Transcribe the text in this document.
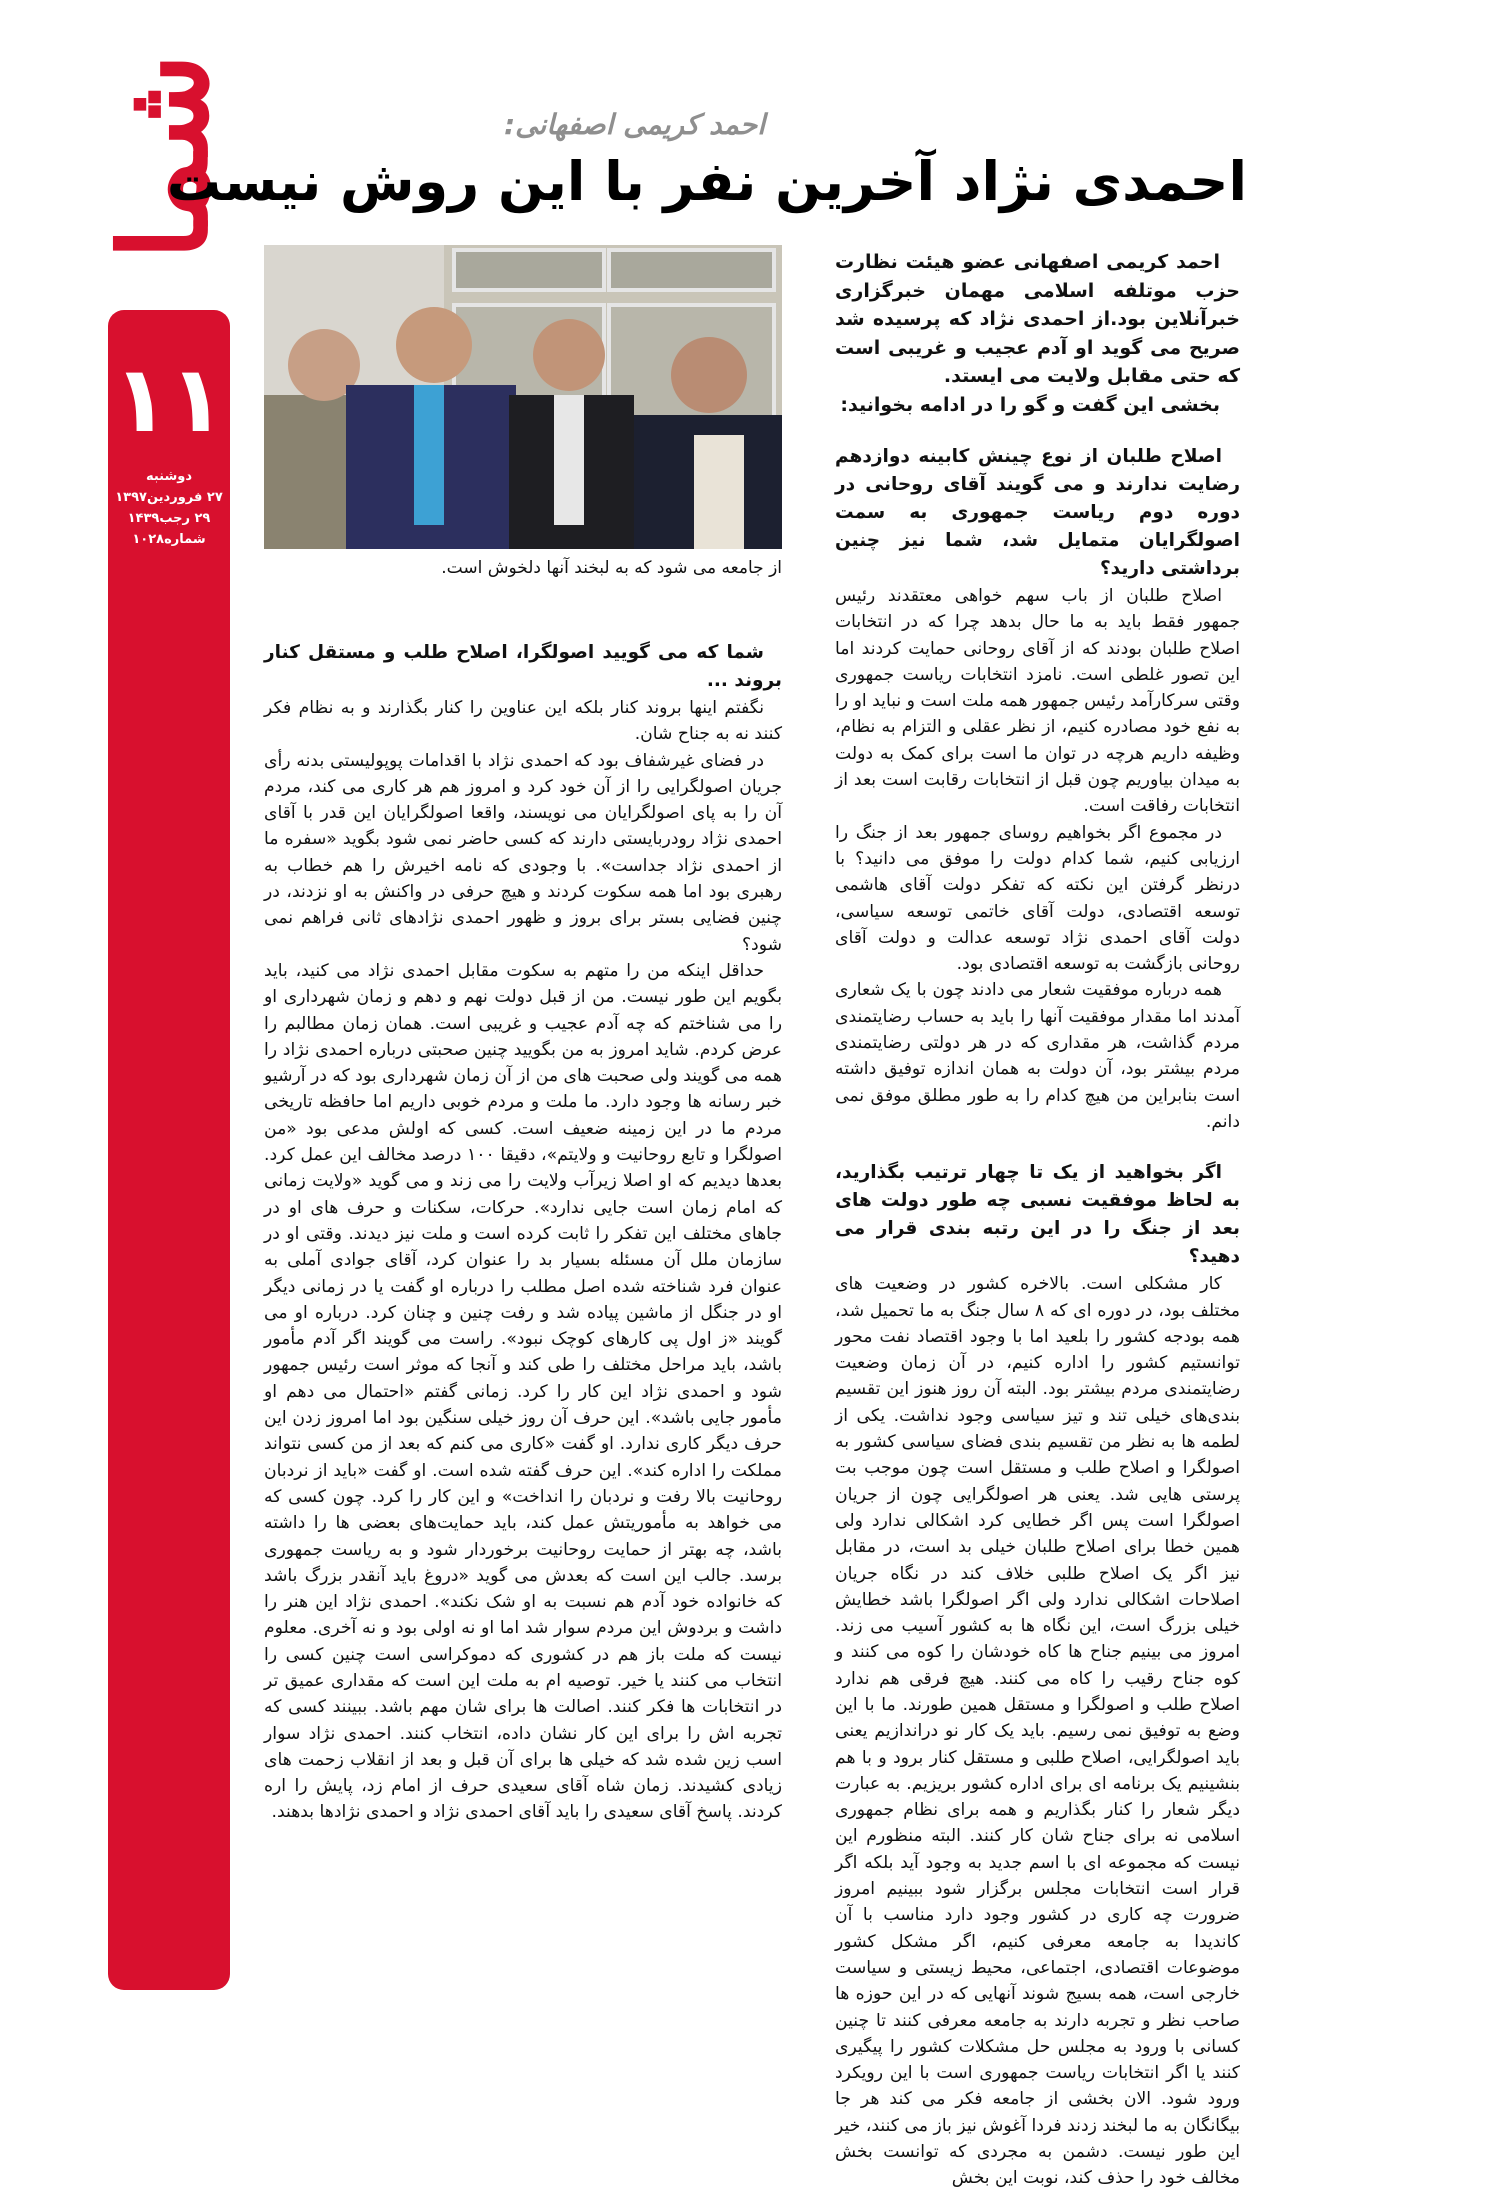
شما
١١
دوشنبه
٢٧ فروردین١٣٩٧
٢٩ رجب١۴٣٩
شماره١٠٢٨
احمد کریمی اصفهانی:
احمدی نژاد آخرین نفر با این روش نیست
از جامعه می شود که به لبخند آنها دلخوش است.

احمد کریمی اصفهانی عضو هیئت نظارت حزب موتلفه اسلامی مهمان خبرگزاری خبرآنلاین بود.از احمدی نژاد که پرسیده شد صریح می گوید او آدم عجیب و غریبی است که حتی مقابل ولایت می ایستد.

بخشی این گفت و گو را در ادامه بخوانید:

اصلاح طلبان از نوع چینش کابینه دوازدهم رضایت ندارند و می گویند آقای روحانی در دوره دوم ریاست جمهوری به سمت اصولگرایان متمایل شد، شما نیز چنین برداشتی دارید؟

اصلاح طلبان از باب سهم خواهی معتقدند رئیس جمهور فقط باید به ما حال بدهد چرا که در انتخابات اصلاح طلبان بودند که از آقای روحانی حمایت کردند اما این تصور غلطی است. نامزد انتخابات ریاست جمهوری وقتی سرکارآمد رئیس جمهور همه ملت است و نباید او را به نفع خود مصادره کنیم، از نظر عقلی و التزام به نظام، وظیفه داریم هرچه در توان ما است برای کمک به دولت به میدان بیاوریم چون قبل از انتخابات رقابت است بعد از انتخابات رفاقت است.

در مجموع اگر بخواهیم روسای جمهور بعد از جنگ را ارزیابی کنیم، شما کدام دولت را موفق می دانید؟ با درنظر گرفتن این نکته که تفکر دولت آقای هاشمی توسعه اقتصادی، دولت آقای خاتمی توسعه سیاسی، دولت آقای احمدی نژاد توسعه عدالت و دولت آقای روحانی بازگشت به توسعه اقتصادی بود.

همه درباره موفقیت شعار می دادند چون با یک شعاری آمدند اما مقدار موفقیت آنها را باید به حساب رضایتمندی مردم گذاشت، هر مقداری که در هر دولتی رضایتمندی مردم بیشتر بود، آن دولت به همان اندازه توفیق داشته است بنابراین من هیچ کدام را به طور مطلق موفق نمی دانم.

اگر بخواهید از یک تا چهار ترتیب بگذارید، به لحاظ موفقیت نسبی چه طور دولت های بعد از جنگ را در این رتبه بندی قرار می دهید؟

کار مشکلی است. بالاخره کشور در وضعیت های مختلف بود، در دوره ای که ٨ سال جنگ به ما تحمیل شد، همه بودجه کشور را بلعید اما با وجود اقتصاد نفت محور توانستیم کشور را اداره کنیم، در آن زمان وضعیت رضایتمندی مردم بیشتر بود. البته آن روز هنوز این تقسیم بندی‌های خیلی تند و تیز سیاسی وجود نداشت. یکی از لطمه ها به نظر من تقسیم بندی فضای سیاسی کشور به اصولگرا و اصلاح طلب و مستقل است چون موجب بت پرستی هایی شد. یعنی هر اصولگرایی چون از جریان اصولگرا است پس اگر خطایی کرد اشکالی ندارد ولی همین خطا برای اصلاح طلبان خیلی بد است، در مقابل نیز اگر یک اصلاح طلبی خلاف کند در نگاه جریان اصلاحات اشکالی ندارد ولی اگر اصولگرا باشد خطایش خیلی بزرگ است، این نگاه ها به کشور آسیب می زند. امروز می بینیم جناح ها کاه خودشان را کوه می کنند و کوه جناح رقیب را کاه می کنند. هیچ فرقی هم ندارد اصلاح طلب و اصولگرا و مستقل همین طورند. ما با این وضع به توفیق نمی رسیم. باید یک کار نو دراندازیم یعنی باید اصولگرایی، اصلاح طلبی و مستقل کنار برود و با هم بنشینیم یک برنامه ای برای اداره کشور بریزیم. به عبارت دیگر شعار را کنار بگذاریم و همه برای نظام جمهوری اسلامی نه برای جناح شان کار کنند. البته منظورم این نیست که مجموعه ای با اسم جدید به وجود آید بلکه اگر قرار است انتخابات مجلس برگزار شود ببینیم امروز ضرورت چه کاری در کشور وجود دارد مناسب با آن کاندیدا به جامعه معرفی کنیم، اگر مشکل کشور موضوعات اقتصادی، اجتماعی، محیط زیستی و سیاست خارجی است، همه بسیج شوند آنهایی که در این حوزه ها صاحب نظر و تجربه دارند به جامعه معرفی کنند تا چنین کسانی با ورود به مجلس حل مشکلات کشور را پیگیری کنند یا اگر انتخابات ریاست جمهوری است با این رویکرد ورود شود. الان بخشی از جامعه فکر می کند هر جا بیگانگان به ما لبخند زدند فردا آغوش نیز باز می کنند، خیر این طور نیست. دشمن به مجردی که توانست بخش مخالف خود را حذف کند، نوبت این بخش

شما که می گویید اصولگرا، اصلاح طلب و مستقل کنار بروند ...

نگفتم اینها بروند کنار بلکه این عناوین را کنار بگذارند و به نظام فکر کنند نه به جناح شان.

در فضای غیرشفاف بود که احمدی نژاد با اقدامات پوپولیستی بدنه رأی جریان اصولگرایی را از آن خود کرد و امروز هم هر کاری می کند، مردم آن را به پای اصولگرایان می نویسند، واقعا اصولگرایان این قدر با آقای احمدی نژاد رودربایستی دارند که کسی حاضر نمی شود بگوید «سفره ما از احمدی نژاد جداست». با وجودی که نامه اخیرش را هم خطاب به رهبری بود اما همه سکوت کردند و هیچ حرفی در واکنش به او نزدند، در چنین فضایی بستر برای بروز و ظهور احمدی نژادهای ثانی فراهم نمی شود؟

حداقل اینکه من را متهم به سکوت مقابل احمدی نژاد می کنید، باید بگویم این طور نیست. من از قبل دولت نهم و دهم و زمان شهرداری او را می شناختم که چه آدم عجیب و غریبی است. همان زمان مطالبم را عرض کردم. شاید امروز به من بگویید چنین صحبتی درباره احمدی نژاد را همه می گویند ولی صحبت های من از آن زمان شهرداری بود که در آرشیو خبر رسانه ها وجود دارد. ما ملت و مردم خوبی داریم اما حافظه تاریخی مردم ما در این زمینه ضعیف است. کسی که اولش مدعی بود «من اصولگرا و تابع روحانیت و ولایتم»، دقیقا ١٠٠ درصد مخالف این عمل کرد. بعدها دیدیم که او اصلا زیرآب ولایت را می زند و می گوید «ولایت زمانی که امام زمان است جایی ندارد». حرکات، سکنات و حرف های او در جاهای مختلف این تفکر را ثابت کرده است و ملت نیز دیدند. وقتی او در سازمان ملل آن مسئله بسیار بد را عنوان کرد، آقای جوادی آملی به عنوان فرد شناخته شده اصل مطلب را درباره او گفت یا در زمانی دیگر او در جنگل از ماشین پیاده شد و رفت چنین و چنان کرد. درباره او می گویند «ز اول پی کارهای کوچک نبود». راست می گویند اگر آدم مأمور باشد، باید مراحل مختلف را طی کند و آنجا که موثر است رئیس جمهور شود و احمدی نژاد این کار را کرد. زمانی گفتم «احتمال می دهم او مأمور جایی باشد». این حرف آن روز خیلی سنگین بود اما امروز زدن این حرف دیگر کاری ندارد. او گفت «کاری می کنم که بعد از من کسی نتواند مملکت را اداره کند». این حرف گفته شده است. او گفت «باید از نردبان روحانیت بالا رفت و نردبان را انداخت» و این کار را کرد. چون کسی که می خواهد به مأموریتش عمل کند، باید حمایت‌های بعضی ها را داشته باشد، چه بهتر از حمایت روحانیت برخوردار شود و به ریاست جمهوری برسد. جالب این است که بعدش می گوید «دروغ باید آنقدر بزرگ باشد که خانواده خود آدم هم نسبت به او شک نکند». احمدی نژاد این هنر را داشت و بردوش این مردم سوار شد اما او نه اولی بود و نه آخری. معلوم نیست که ملت باز هم در کشوری که دموکراسی است چنین کسی را انتخاب می کنند یا خیر. توصیه ام به ملت این است که مقداری عمیق تر در انتخابات ها فکر کنند. اصالت ها برای شان مهم باشد. ببینند کسی که تجربه اش را برای این کار نشان داده، انتخاب کنند. احمدی نژاد سوار اسب زین شده شد که خیلی ها برای آن قبل و بعد از انقلاب زحمت های زیادی کشیدند. زمان شاه آقای سعیدی حرف از امام زد، پایش را اره کردند. پاسخ آقای سعیدی را باید آقای احمدی نژاد و احمدی نژادها بدهند.
